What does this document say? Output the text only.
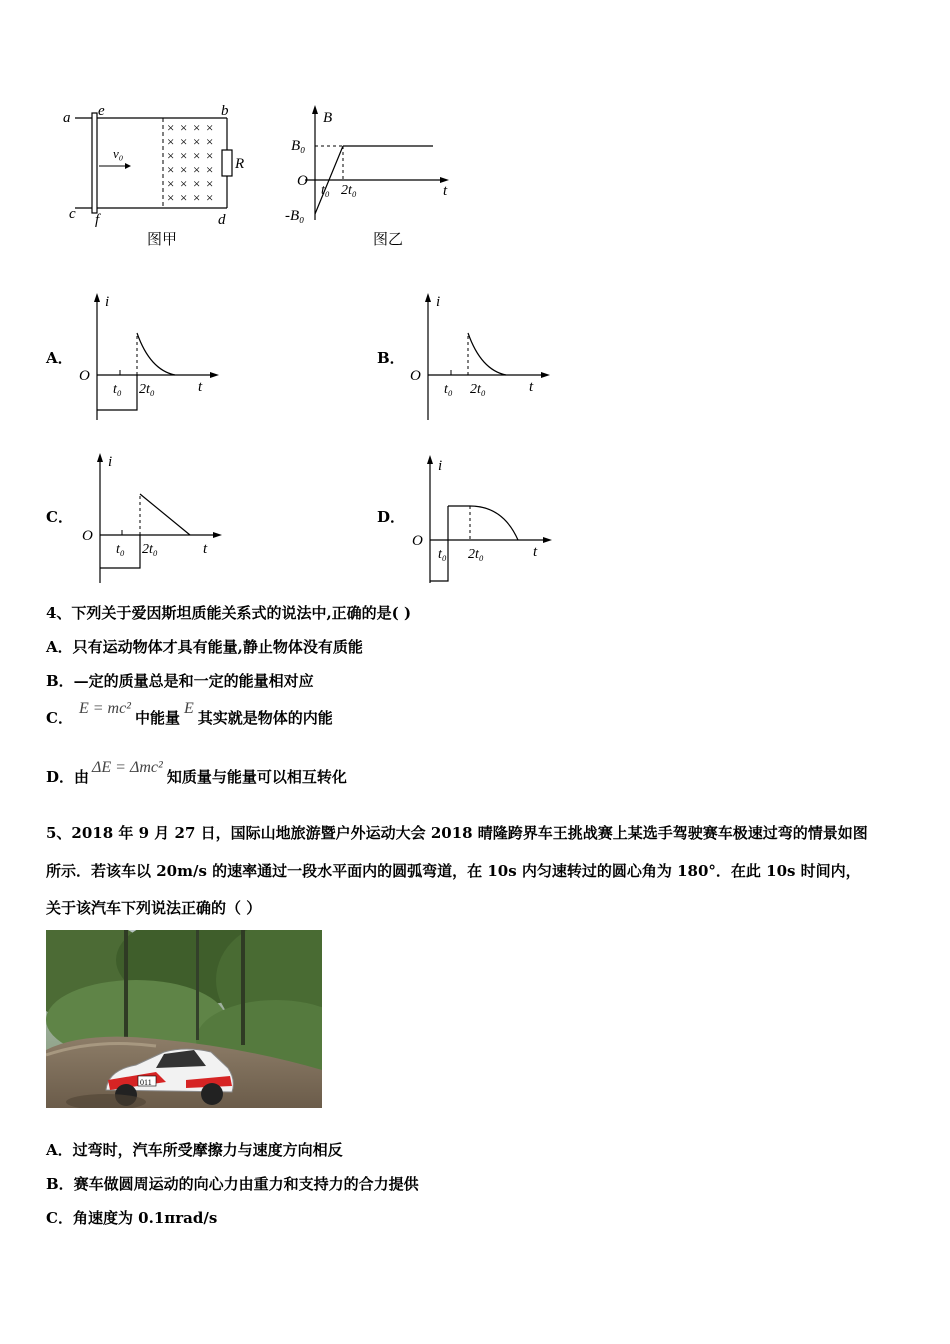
× × × ×
× × × ×
× × × ×
× × × ×
× × × ×
× × × ×
a e	b
c f	d
R
v₀
图甲
B
B₀
O
-B₀
t₀ 2t₀	t
图乙
A．
i
O
t₀ 2t₀	t
B．
i
O
t₀ 2t₀	t
C．
i
O
t₀ 2t₀	t
D．
i
O
t₀ 2t₀	t
4、下列关于爱因斯坦质能关系式的说法中,正确的是( )
A．只有运动物体才具有能量,静止物体没有质能
B．—定的质量总是和一定的能量相对应
C．E = mc²中能量E其实就是物体的内能
D．由ΔE = Δmc²知质量与能量可以相互转化
5、2018 年 9 月 27 日，国际山地旅游暨户外运动大会 2018 晴隆跨界车王挑战赛上某选手驾驶赛车极速过弯的情景如图
所示．若该车以 20m/s 的速率通过一段水平面内的圆弧弯道，在 10s 内匀速转过的圆心角为 180°．在此 10s 时间内，
关于该汽车下列说法正确的（ ）
011
A．过弯时，汽车所受摩擦力与速度方向相反
B．赛车做圆周运动的向心力由重力和支持力的合力提供
C．角速度为 0.1πrad/s
